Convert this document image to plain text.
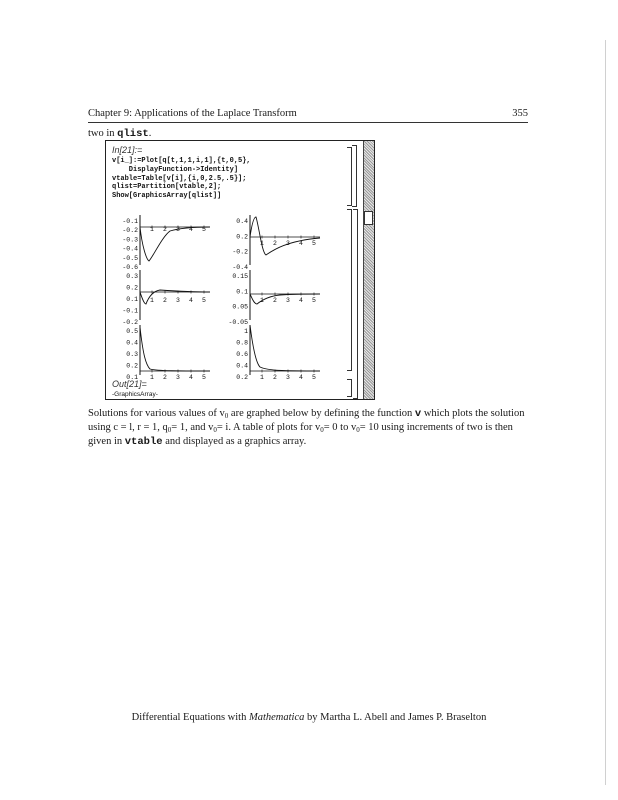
Chapter 9: Applications of the Laplace Transform	355
two in qlist.
In[21]:=
v[i_]:=Plot[q[t,1,1,i,1],{t,0,5},
DisplayFunction->Identity]
vtable=Table[v[i],{i,0,2.5,.5}];
qlist=Partition[vtable,2];
Show[GraphicsArray[qlist]]
-0.1
-0.2
-0.3
-0.4
-0.5
-0.6
1 2 3 4 5
0.4
0.2
-0.2
-0.4
1 2 3 4 5
0.3
0.2
0.1
-0.1
-0.2
1 2 3 4 5
0.15
0.1
0.05
-0.05
1 2 3 4 5
0.5
0.4
0.3
0.2
0.1 1 2 3 4 5
1
0.8
0.6
0.4
0.2 1 2 3 4 5
Out[21]=
-GraphicsArray-
Solutions for various values of $v_0$ are graphed below by defining the function v which plots the solution using c = l, r = 1, $q_0= 1$, and $v_0= i$. A table of plots for $v_0= 0$ to $v_0= 10$ using increments of two is then given in vtable and displayed as a graphics array.
Differential Equations with Mathematica by Martha L. Abell and James P. Braselton
